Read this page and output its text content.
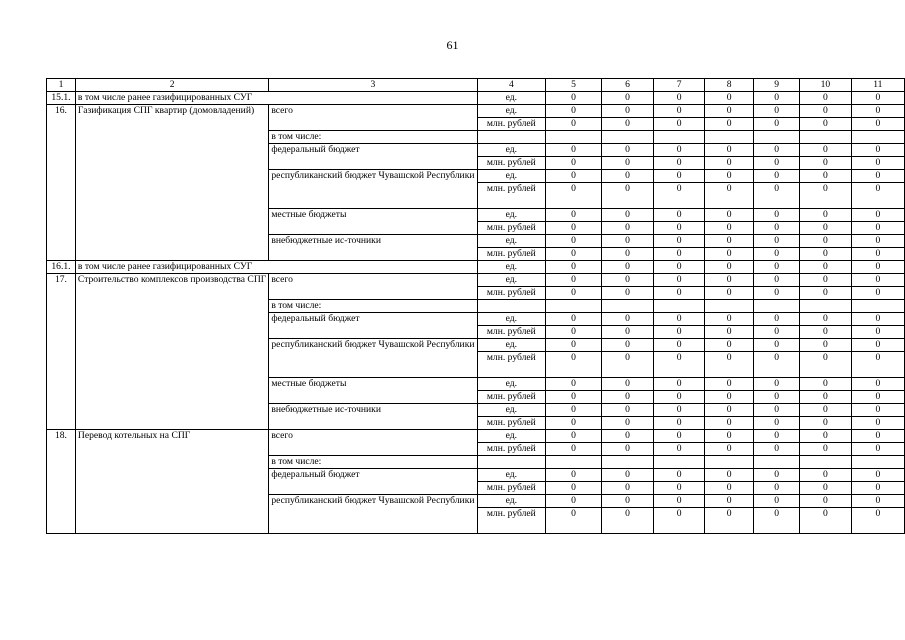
61
1	2	3	4	5	6	7	8	9	10	11
15.1.	в том числе ранее газифицированных СУГ		ед.	0	0	0	0	0	0	0
16.	Газификация СПГ квартир (домовладений)	всего	ед.	0	0	0	0	0	0	0
			млн. рублей	0	0	0	0	0	0	0
		в том числе:								
		федеральный бюджет	ед.	0	0	0	0	0	0	0
			млн. рублей	0	0	0	0	0	0	0
		республиканский бюджет Чувашской Республики	ед.	0	0	0	0	0	0	0
			млн. рублей	0	0	0	0	0	0	0
		местные бюджеты	ед.	0	0	0	0	0	0	0
			млн. рублей	0	0	0	0	0	0	0
		внебюджетные ис-точники	ед.	0	0	0	0	0	0	0
			млн. рублей	0	0	0	0	0	0	0
16.1.	в том числе ранее газифицированных СУГ		ед.	0	0	0	0	0	0	0
17.	Строительство комплексов производства СПГ	всего	ед.	0	0	0	0	0	0	0
			млн. рублей	0	0	0	0	0	0	0
		в том числе:								
		федеральный бюджет	ед.	0	0	0	0	0	0	0
			млн. рублей	0	0	0	0	0	0	0
		республиканский бюджет Чувашской Республики	ед.	0	0	0	0	0	0	0
			млн. рублей	0	0	0	0	0	0	0
		местные бюджеты	ед.	0	0	0	0	0	0	0
			млн. рублей	0	0	0	0	0	0	0
		внебюджетные ис-точники	ед.	0	0	0	0	0	0	0
			млн. рублей	0	0	0	0	0	0	0
18.	Перевод котельных на СПГ	всего	ед.	0	0	0	0	0	0	0
			млн. рублей	0	0	0	0	0	0	0
		в том числе:								
		федеральный бюджет	ед.	0	0	0	0	0	0	0
			млн. рублей	0	0	0	0	0	0	0
		республиканский бюджет Чувашской Республики	ед.	0	0	0	0	0	0	0
			млн. рублей	0	0	0	0	0	0	0
